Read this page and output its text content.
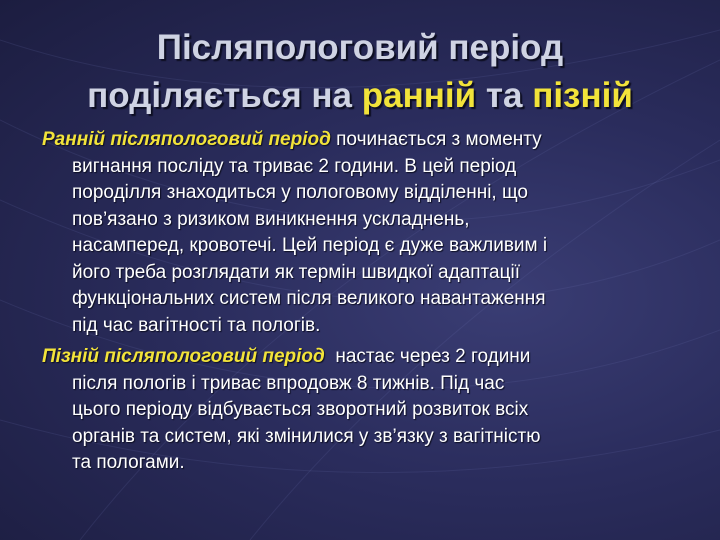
Післяпологовий період
поділяється на ранній та пізній

Ранній післяпологовий період починається з моменту
вигнання посліду та триває 2 години. В цей період
породілля знаходиться у пологовому відділенні, що
пов’язано з ризиком виникнення ускладнень,
насамперед, кровотечі. Цей період є дуже важливим і
його треба розглядати як термін швидкої адаптації
функціональних систем після великого навантаження
під час вагітності та пологів.

Пізній післяпологовий період  настає через 2 години
після пологів і триває впродовж 8 тижнів. Під час
цього періоду відбувається зворотний розвиток всіх
органів та систем, які змінилися у зв’язку з вагітністю
та пологами.
